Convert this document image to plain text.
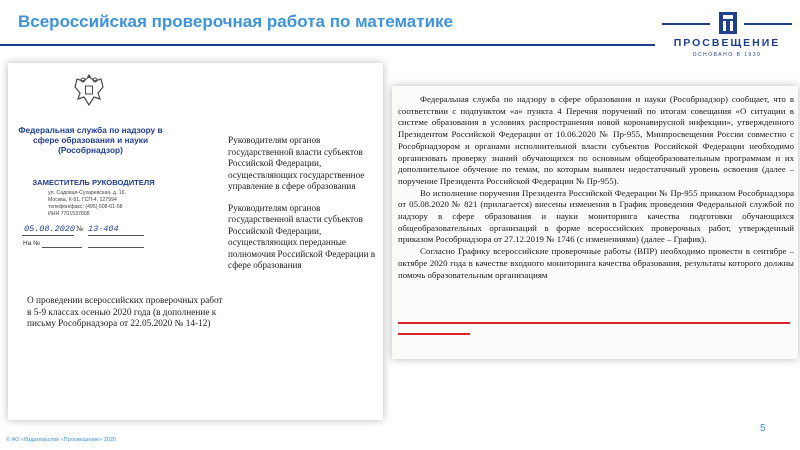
Всероссийская проверочная работа по математике
ПРОСВЕЩЕНИЕ
ОСНОВАНО В 1930
Федеральная служба по надзору в сфере образования и науки (Рособрнадзор)
ЗАМЕСТИТЕЛЬ РУКОВОДИТЕЛЯ
ул. Садовая-Сухаревская, д. 16,
Москва, К-51, ГСП-4, 127994
телефон/факс: (495) 608-61-58
ИНН 7701537808
05.08.2020 № 13-404
На №
Руководителям органов государственной власти субъектов Российской Федерации, осуществляющих государственное управление в сфере образования
Руководителям органов государственной власти субъектов Российской Федерации, осуществляющих переданные полномочия Российской Федерации в сфере образования
О проведении всероссийских проверочных работ в 5-9 классах осенью 2020 года (в дополнение к письму Рособрнадзора от 22.05.2020 № 14-12)

Федеральная служба по надзору в сфере образования и науки (Рособрнадзор) сообщает, что в соответствии с подпунктом «а» пункта 4 Перечня поручений по итогам совещания «О ситуации в системе образования в условиях распространения новой коронавирусной инфекции», утвержденного Президентом Российской Федерации от 10.06.2020 № Пр-955, Минпросвещения России совместно с Рособрнадзором и органами исполнительной власти субъектов Российской Федерации необходимо организовать проверку знаний обучающихся по основным общеобразовательным программам и их дополнительное обучение по темам, по которым выявлен недостаточный уровень освоения (далее – поручение Президента Российской Федерации № Пр-955).

Во исполнение поручения Президента Российской Федерации № Пр-955 приказом Рособрнадзора от 05.08.2020 № 821 (прилагается) внесены изменения в График проведения Федеральной службой по надзору в сфере образования и науки мониторинга качества подготовки обучающихся общеобразовательных организаций в форме всероссийских проверочных работ, утвержденный приказом Рособрнадзора от 27.12.2019 № 1746 (с изменениями) (далее – График).

Согласно Графику всероссийские проверочные работы (ВПР) необходимо провести в сентябре – октябре 2020 года в качестве входного мониторинга качества образования, результаты которого должны помочь образовательным организациям

5
© АО «Издательство «Просвещение» 2020
